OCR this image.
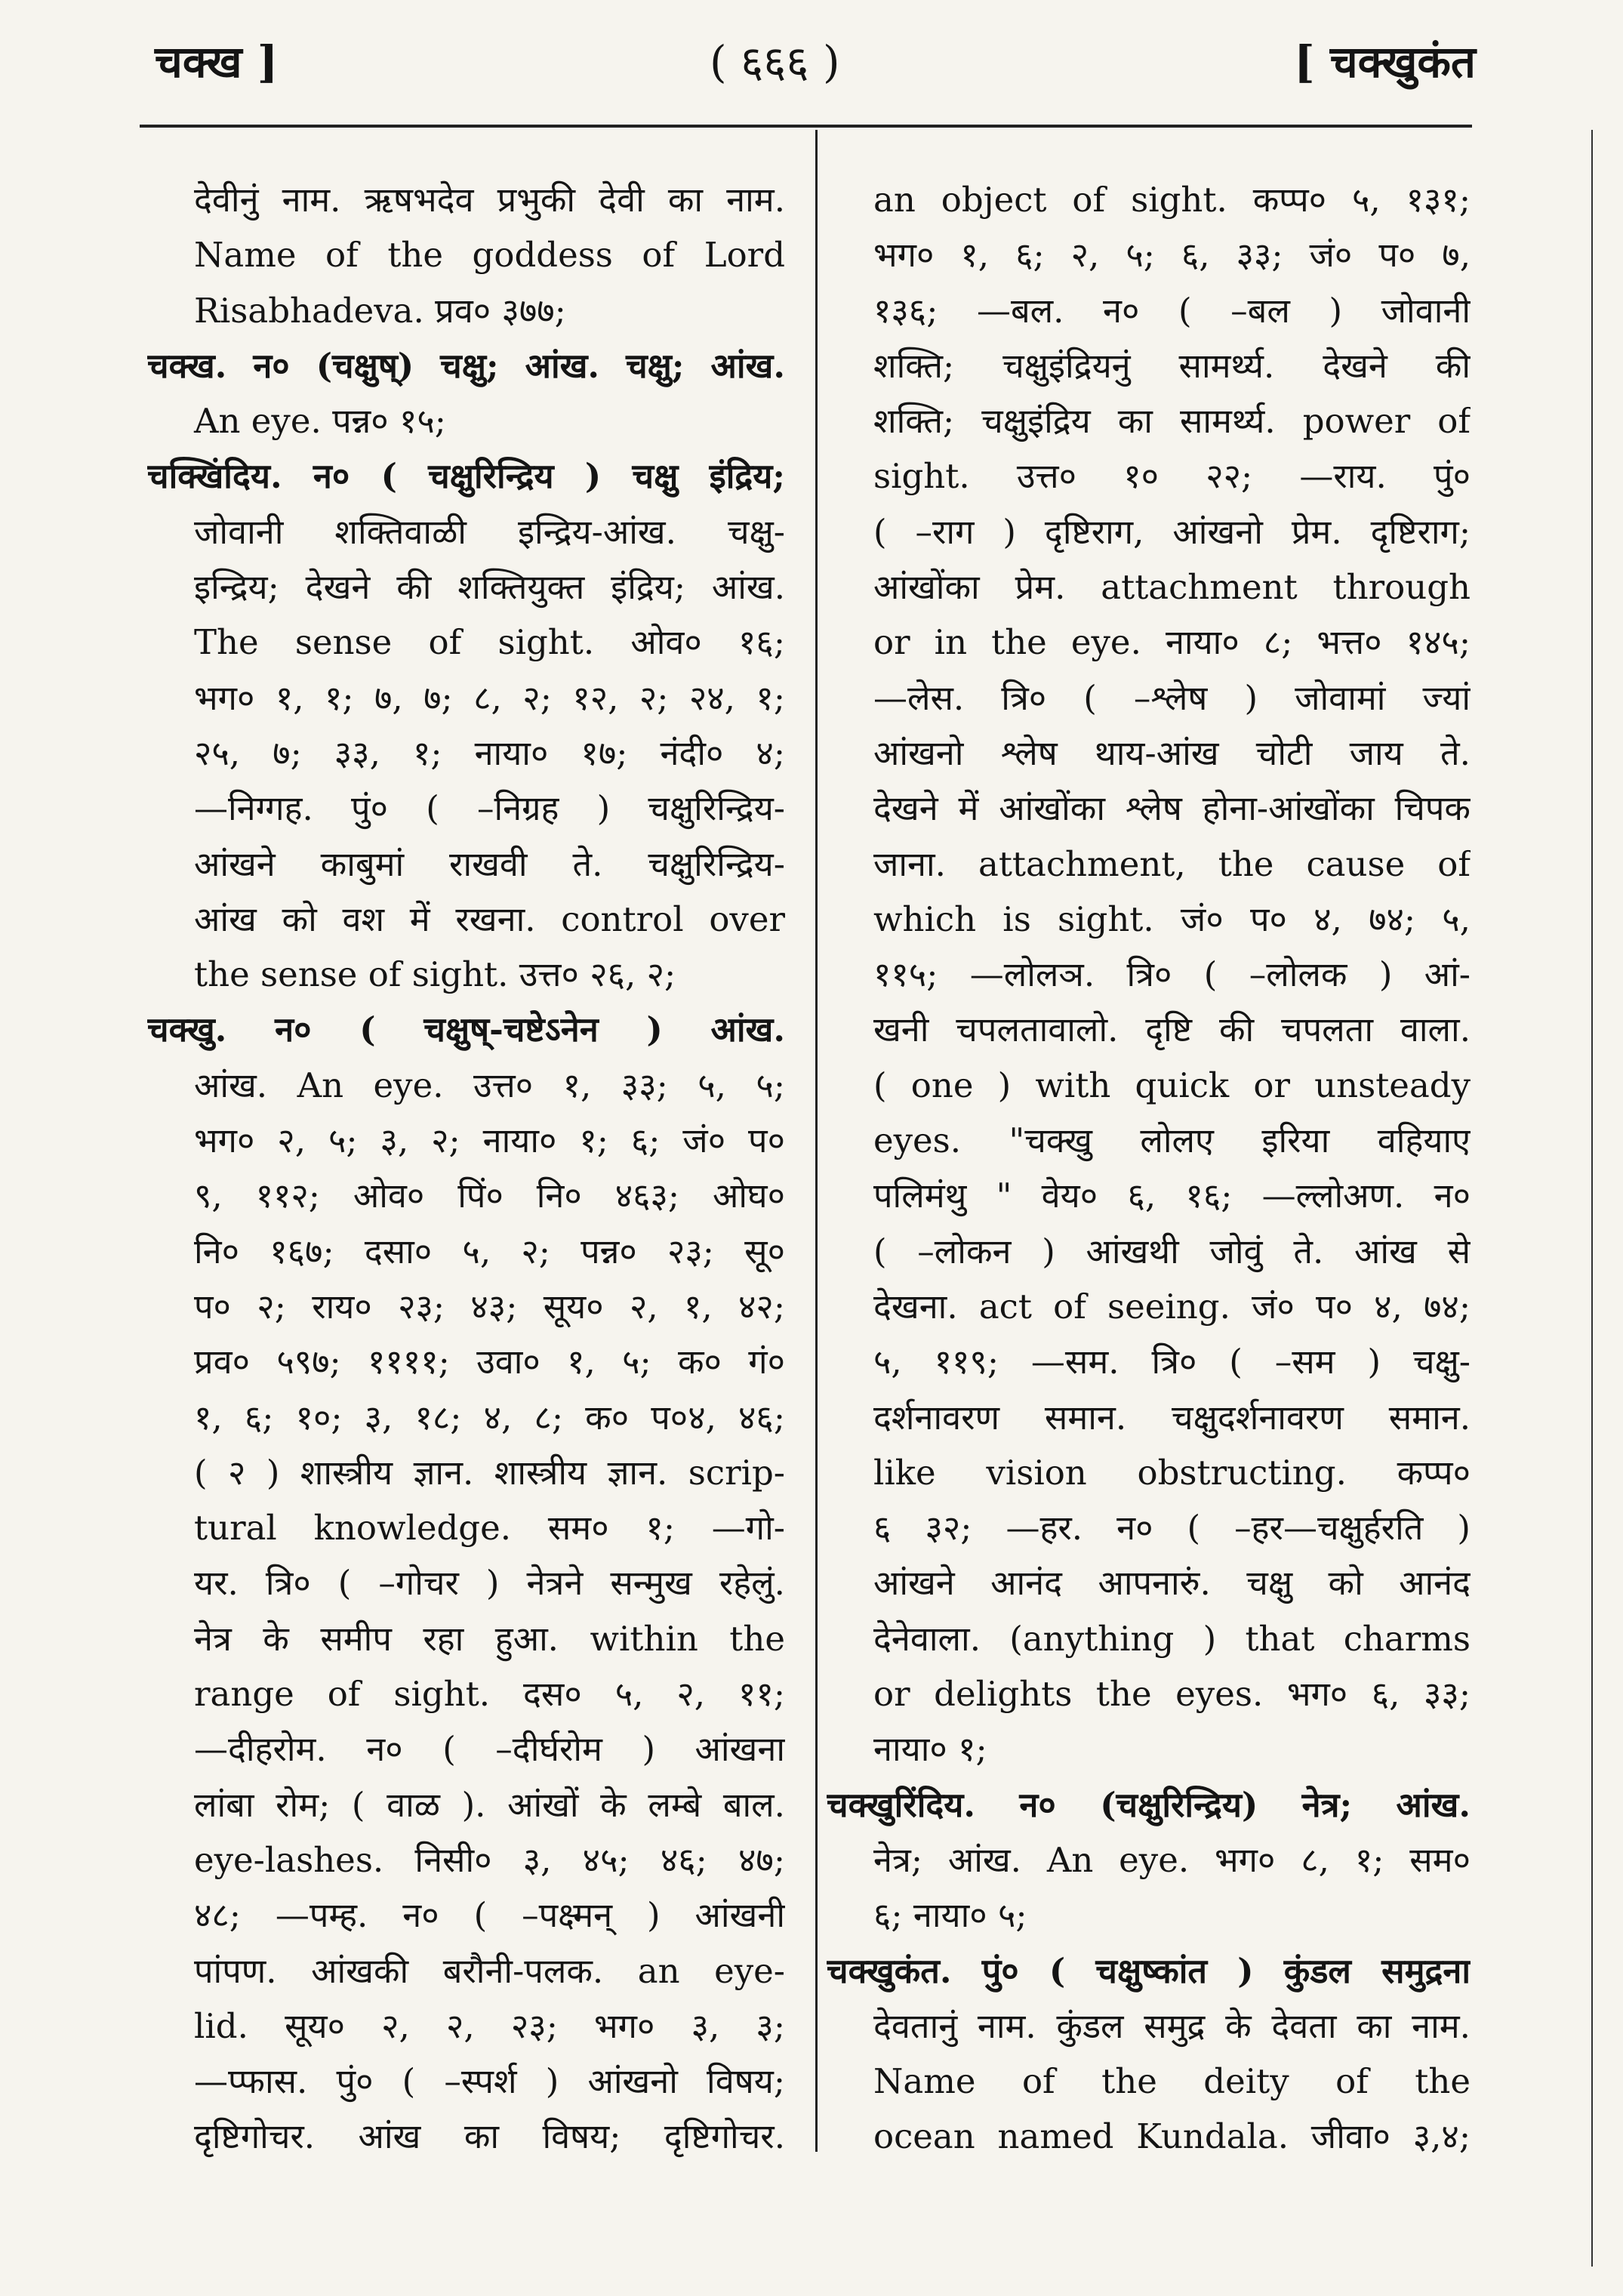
चक्ख ]	( ६६६ )	[ चक्खुकंत
देवीनुं नाम. ऋषभदेव प्रभुकी देवी का नाम.
Name of the goddess of Lord
Risabhadeva. प्रव० ३७७;
चक्ख. न० (चक्षुष्) चक्षु; आंख. चक्षु; आंख.
An eye. पन्न० १५;
चक्खिंदिय. न० ( चक्षुरिन्द्रिय ) चक्षु इंद्रिय;
जोवानी शक्तिवाळी इन्द्रिय-आंख. चक्षु-
इन्द्रिय; देखने की शक्तियुक्त इंद्रिय; आंख.
The sense of sight. ओव० १६;
भग० १, १; ७, ७; ८, २; १२, २; २४, १;
२५, ७; ३३, १; नाया० १७; नंदी० ४;
—निग्गह. पुं० ( –निग्रह ) चक्षुरिन्द्रिय-
आंखने काबुमां राखवी ते. चक्षुरिन्द्रिय-
आंख को वश में रखना. control over
the sense of sight. उत्त० २६, २;
चक्खु. न० ( चक्षुष्-चष्टेऽनेन ) आंख.
आंख. An eye. उत्त० १, ३३; ५, ५;
भग० २, ५; ३, २; नाया० १; ६; जं० प०
९, ११२; ओव० पिं० नि० ४६३; ओघ०
नि० १६७; दसा० ५, २; पन्न० २३; सू०
प० २; राय० २३; ४३; सूय० २, १, ४२;
प्रव० ५९७; ११११; उवा० १, ५; क० गं०
१, ६; १०; ३, १८; ४, ८; क० प०४, ४६;
( २ ) शास्त्रीय ज्ञान. शास्त्रीय ज्ञान. scrip-
tural knowledge. सम० १; —गो-
यर. त्रि० ( –गोचर ) नेत्रने सन्मुख रहेलुं.
नेत्र के समीप रहा हुआ. within the
range of sight. दस० ५, २, ११;
—दीहरोम. न० ( –दीर्घरोम ) आंखना
लांबा रोम; ( वाळ ). आंखों के लम्बे बाल.
eye-lashes. निसी० ३, ४५; ४६; ४७;
४८; —पम्ह. न० ( –पक्ष्मन् ) आंखनी
पांपण. आंखकी बरौनी-पलक. an eye-
lid. सूय० २, २, २३; भग० ३, ३;
—प्फास. पुं० ( –स्पर्श ) आंखनो विषय;
दृष्टिगोचर. आंख का विषय; दृष्टिगोचर.
an object of sight. कप्प० ५, १३१;
भग० १, ६; २, ५; ६, ३३; जं० प० ७,
१३६; —बल. न० ( –बल ) जोवानी
शक्ति; चक्षुइंद्रियनुं सामर्थ्य. देखने की
शक्ति; चक्षुइंद्रिय का सामर्थ्य. power of
sight. उत्त० १० २२; —राय. पुं०
( –राग ) दृष्टिराग, आंखनो प्रेम. दृष्टिराग;
आंखोंका प्रेम. attachment through
or in the eye. नाया० ८; भत्त० १४५;
—लेस. त्रि० ( –श्लेष ) जोवामां ज्यां
आंखनो श्लेष थाय-आंख चोटी जाय ते.
देखने में आंखोंका श्लेष होना-आंखोंका चिपक
जाना. attachment, the cause of
which is sight. जं० प० ४, ७४; ५,
११५; —लोलञ. त्रि० ( –लोलक ) आं-
खनी चपलतावालो. दृष्टि की चपलता वाला.
( one ) with quick or unsteady
eyes. "चक्खु लोलए इरिया वहियाए
पलिमंथु " वेय० ६, १६; —ल्लोअण. न०
( –लोकन ) आंखथी जोवुं ते. आंख से
देखना. act of seeing. जं० प० ४, ७४;
५, ११९; —सम. त्रि० ( –सम ) चक्षु-
दर्शनावरण समान. चक्षुदर्शनावरण समान.
like vision obstructing. कप्प०
६ ३२; —हर. न० ( –हर—चक्षुर्हरति )
आंखने आनंद आपनारुं. चक्षु को आनंद
देनेवाला. (anything ) that charms
or delights the eyes. भग० ६, ३३;
नाया० १;
चक्खुरिंदिय. न० (चक्षुरिन्द्रिय) नेत्र; आंख.
नेत्र; आंख. An eye. भग० ८, १; सम०
६; नाया० ५;
चक्खुकंत. पुं० ( चक्षुष्कांत ) कुंडल समुद्रना
देवतानुं नाम. कुंडल समुद्र के देवता का नाम.
Name of the deity of the
ocean named Kundala. जीवा० ३,४;
